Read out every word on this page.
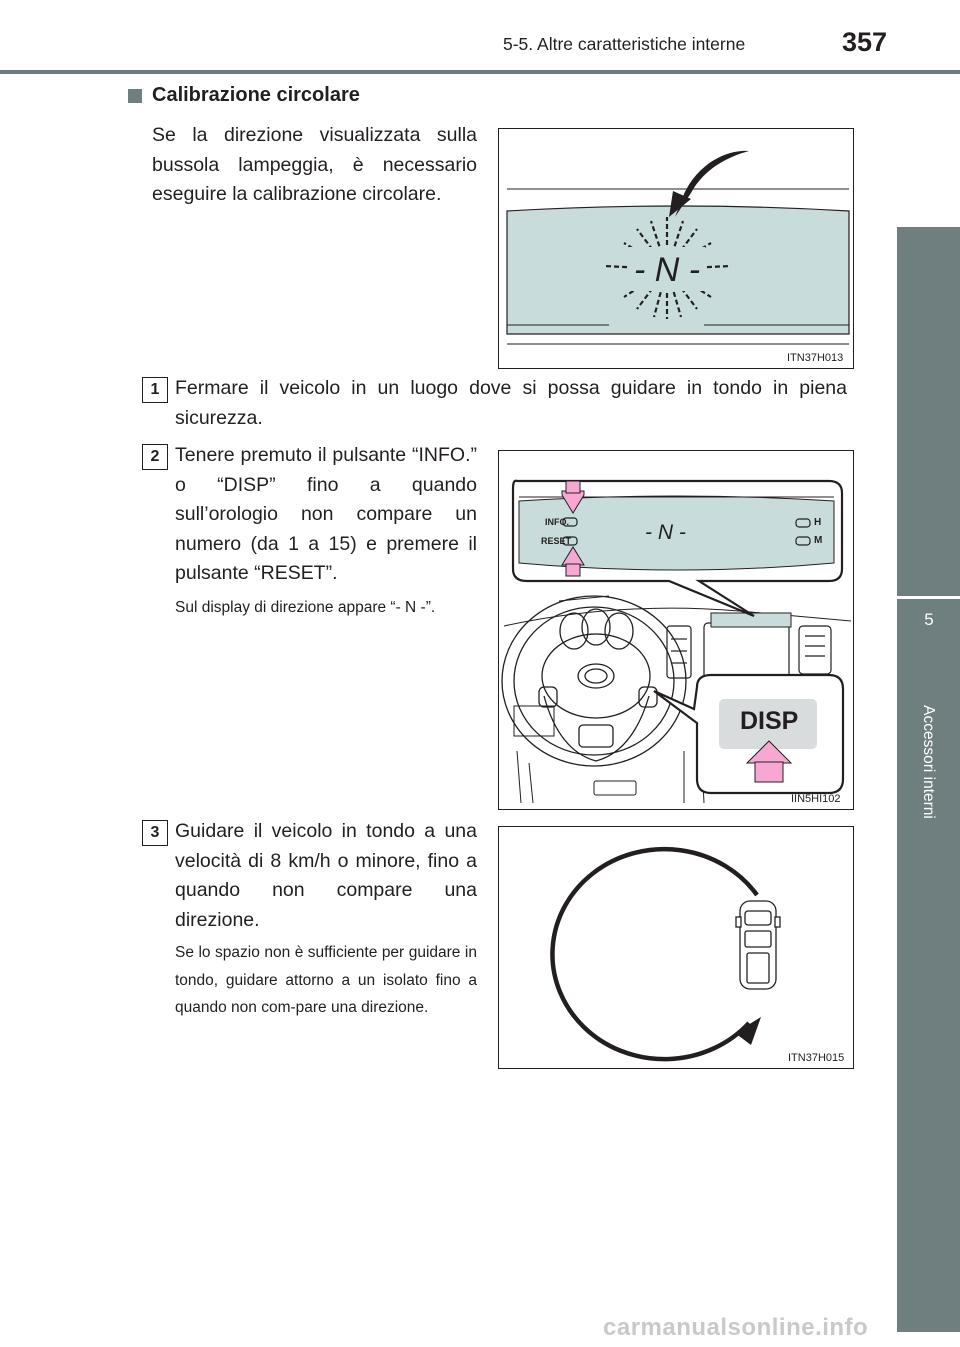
5-5. Altre caratteristiche interne	357
5
Accessori interni
Calibrazione circolare
Se la direzione visualizzata sulla bussola lampeggia, è necessario eseguire la calibrazione circolare.
- N -
ITN37H013
1 Fermare il veicolo in un luogo dove si possa guidare in tondo in piena sicurezza.
2 Tenere premuto il pulsante “INFO.” o “DISP” fino a quando sull’orologio non compare un numero (da 1 a 15) e premere il pulsante “RESET”.
Sul display di direzione appare “- N -”.
INFO.
RESET	- N -	H
M
DISP
IIN5HI102
3 Guidare il veicolo in tondo a una velocità di 8 km/h o minore, fino a quando non compare una direzione.
Se lo spazio non è sufficiente per guidare in tondo, guidare attorno a un isolato fino a quando non com-pare una direzione.
ITN37H015
carmanualsonline.info
